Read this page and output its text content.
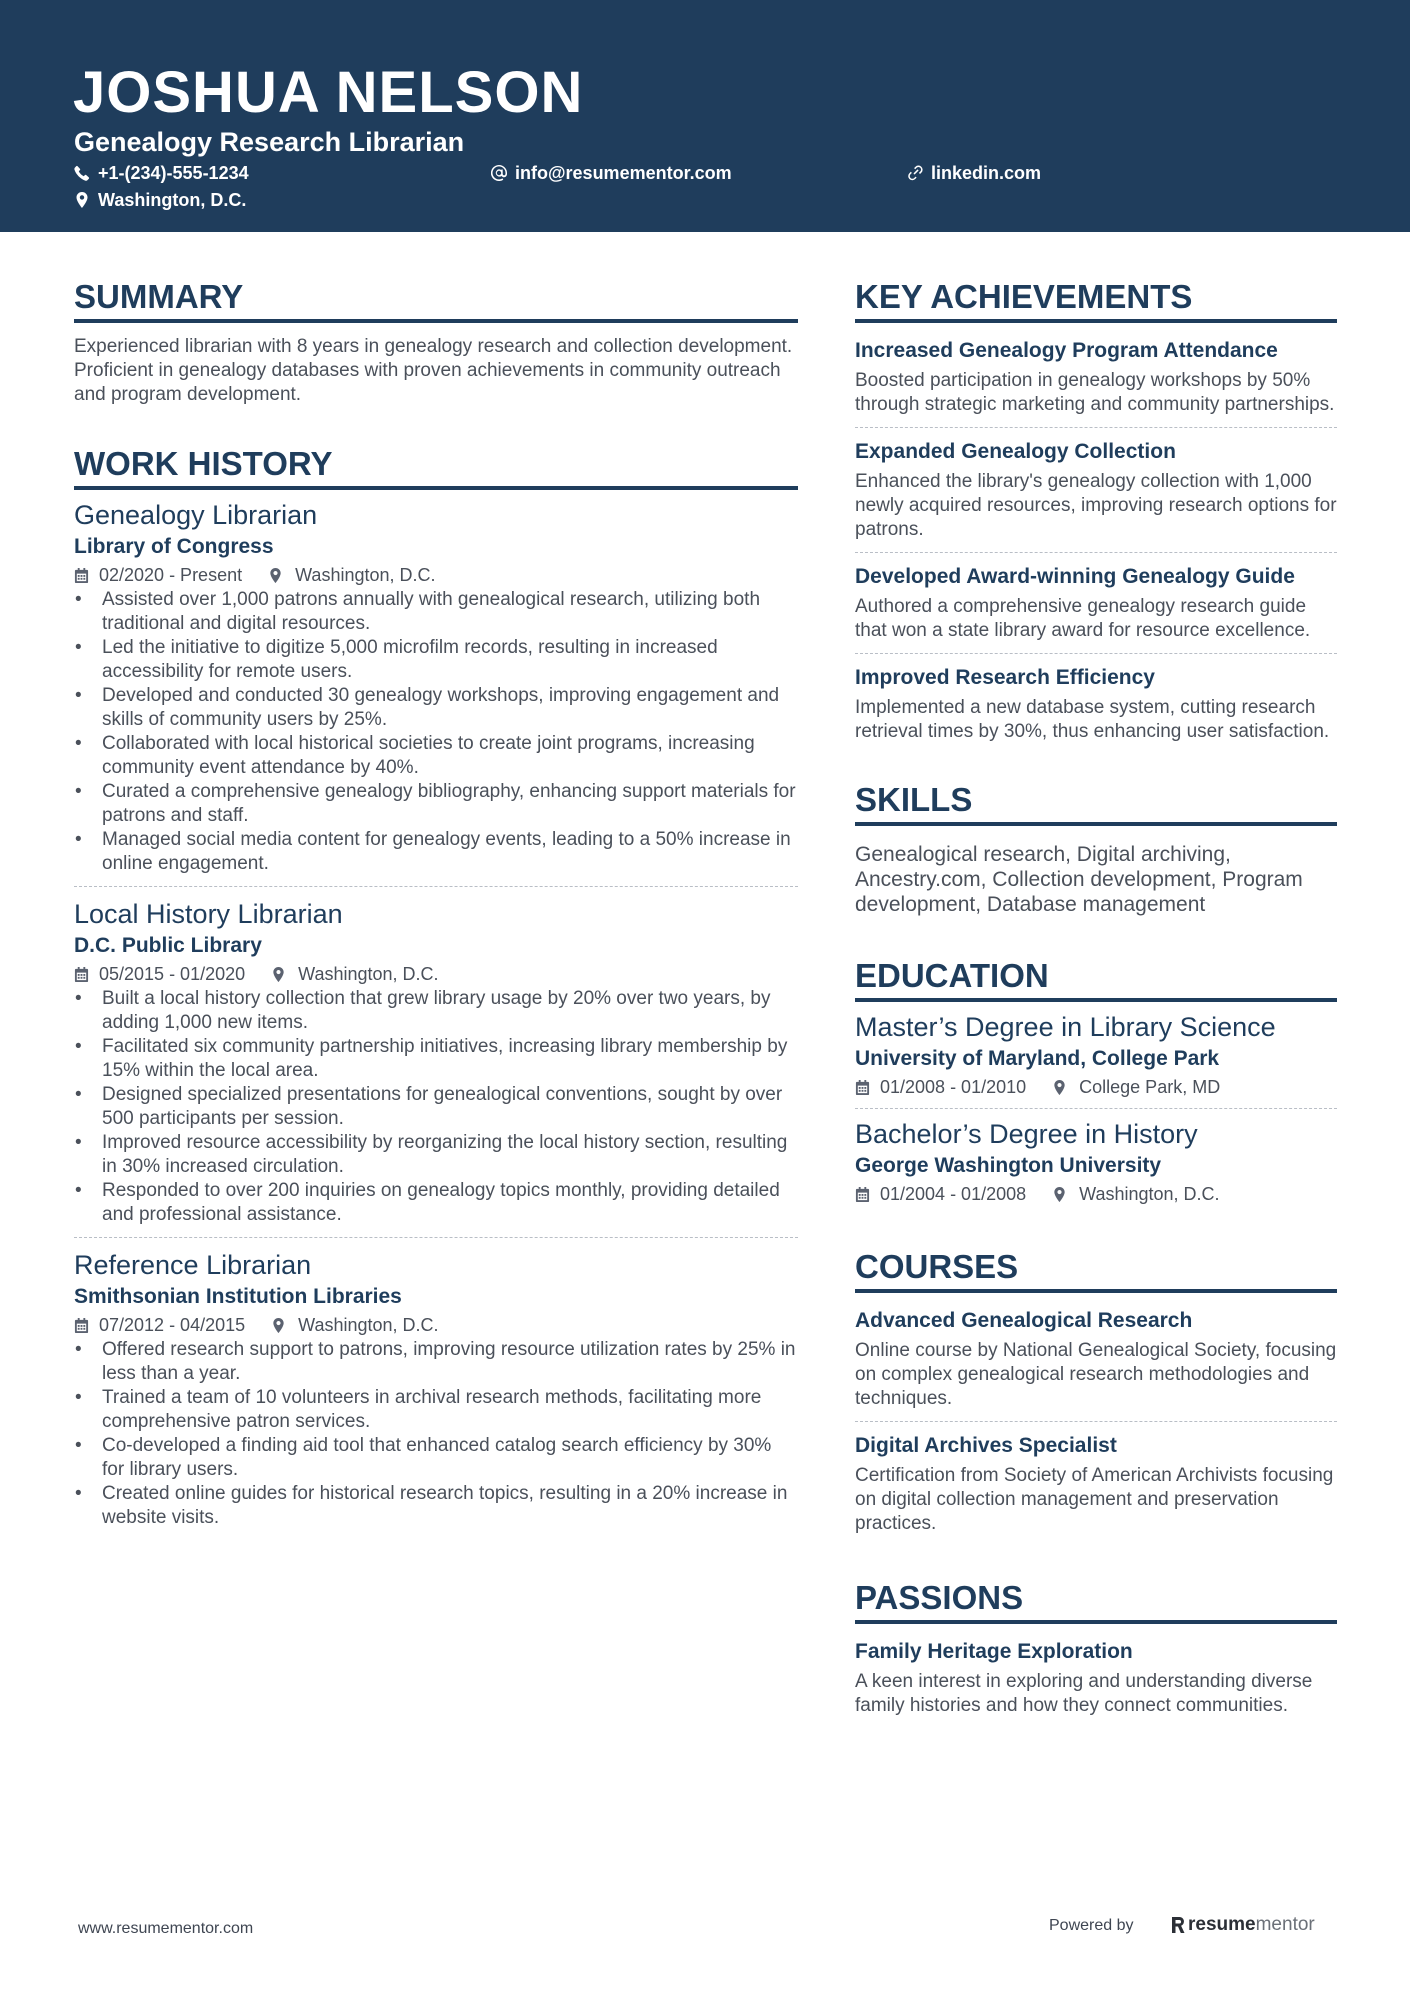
JOSHUA NELSON
Genealogy Research Librarian
+1-(234)-555-1234	info@resumementor.com	linkedin.com
Washington, D.C.
SUMMARY
Experienced librarian with 8 years in genealogy research and collection development. Proficient in genealogy databases with proven achievements in community outreach and program development.
WORK HISTORY
Genealogy Librarian
Library of Congress
02/2020 - Present	Washington, D.C.
• Assisted over 1,000 patrons annually with genealogical research, utilizing both traditional and digital resources.
• Led the initiative to digitize 5,000 microfilm records, resulting in increased accessibility for remote users.
• Developed and conducted 30 genealogy workshops, improving engagement and skills of community users by 25%.
• Collaborated with local historical societies to create joint programs, increasing community event attendance by 40%.
• Curated a comprehensive genealogy bibliography, enhancing support materials for patrons and staff.
• Managed social media content for genealogy events, leading to a 50% increase in online engagement.
Local History Librarian
D.C. Public Library
05/2015 - 01/2020	Washington, D.C.
• Built a local history collection that grew library usage by 20% over two years, by adding 1,000 new items.
• Facilitated six community partnership initiatives, increasing library membership by 15% within the local area.
• Designed specialized presentations for genealogical conventions, sought by over 500 participants per session.
• Improved resource accessibility by reorganizing the local history section, resulting in 30% increased circulation.
• Responded to over 200 inquiries on genealogy topics monthly, providing detailed and professional assistance.
Reference Librarian
Smithsonian Institution Libraries
07/2012 - 04/2015	Washington, D.C.
• Offered research support to patrons, improving resource utilization rates by 25% in less than a year.
• Trained a team of 10 volunteers in archival research methods, facilitating more comprehensive patron services.
• Co-developed a finding aid tool that enhanced catalog search efficiency by 30% for library users.
• Created online guides for historical research topics, resulting in a 20% increase in website visits.
KEY ACHIEVEMENTS
Increased Genealogy Program Attendance
Boosted participation in genealogy workshops by 50% through strategic marketing and community partnerships.
Expanded Genealogy Collection
Enhanced the library's genealogy collection with 1,000 newly acquired resources, improving research options for patrons.
Developed Award-winning Genealogy Guide
Authored a comprehensive genealogy research guide that won a state library award for resource excellence.
Improved Research Efficiency
Implemented a new database system, cutting research retrieval times by 30%, thus enhancing user satisfaction.
SKILLS
Genealogical research, Digital archiving, Ancestry.com, Collection development, Program development, Database management
EDUCATION
Master’s Degree in Library Science
University of Maryland, College Park
01/2008 - 01/2010	College Park, MD
Bachelor’s Degree in History
George Washington University
01/2004 - 01/2008	Washington, D.C.
COURSES
Advanced Genealogical Research
Online course by National Genealogical Society, focusing on complex genealogical research methodologies and techniques.
Digital Archives Specialist
Certification from Society of American Archivists focusing on digital collection management and preservation practices.
PASSIONS
Family Heritage Exploration
A keen interest in exploring and understanding diverse family histories and how they connect communities.
www.resumementor.com	Powered by	resume mentor
